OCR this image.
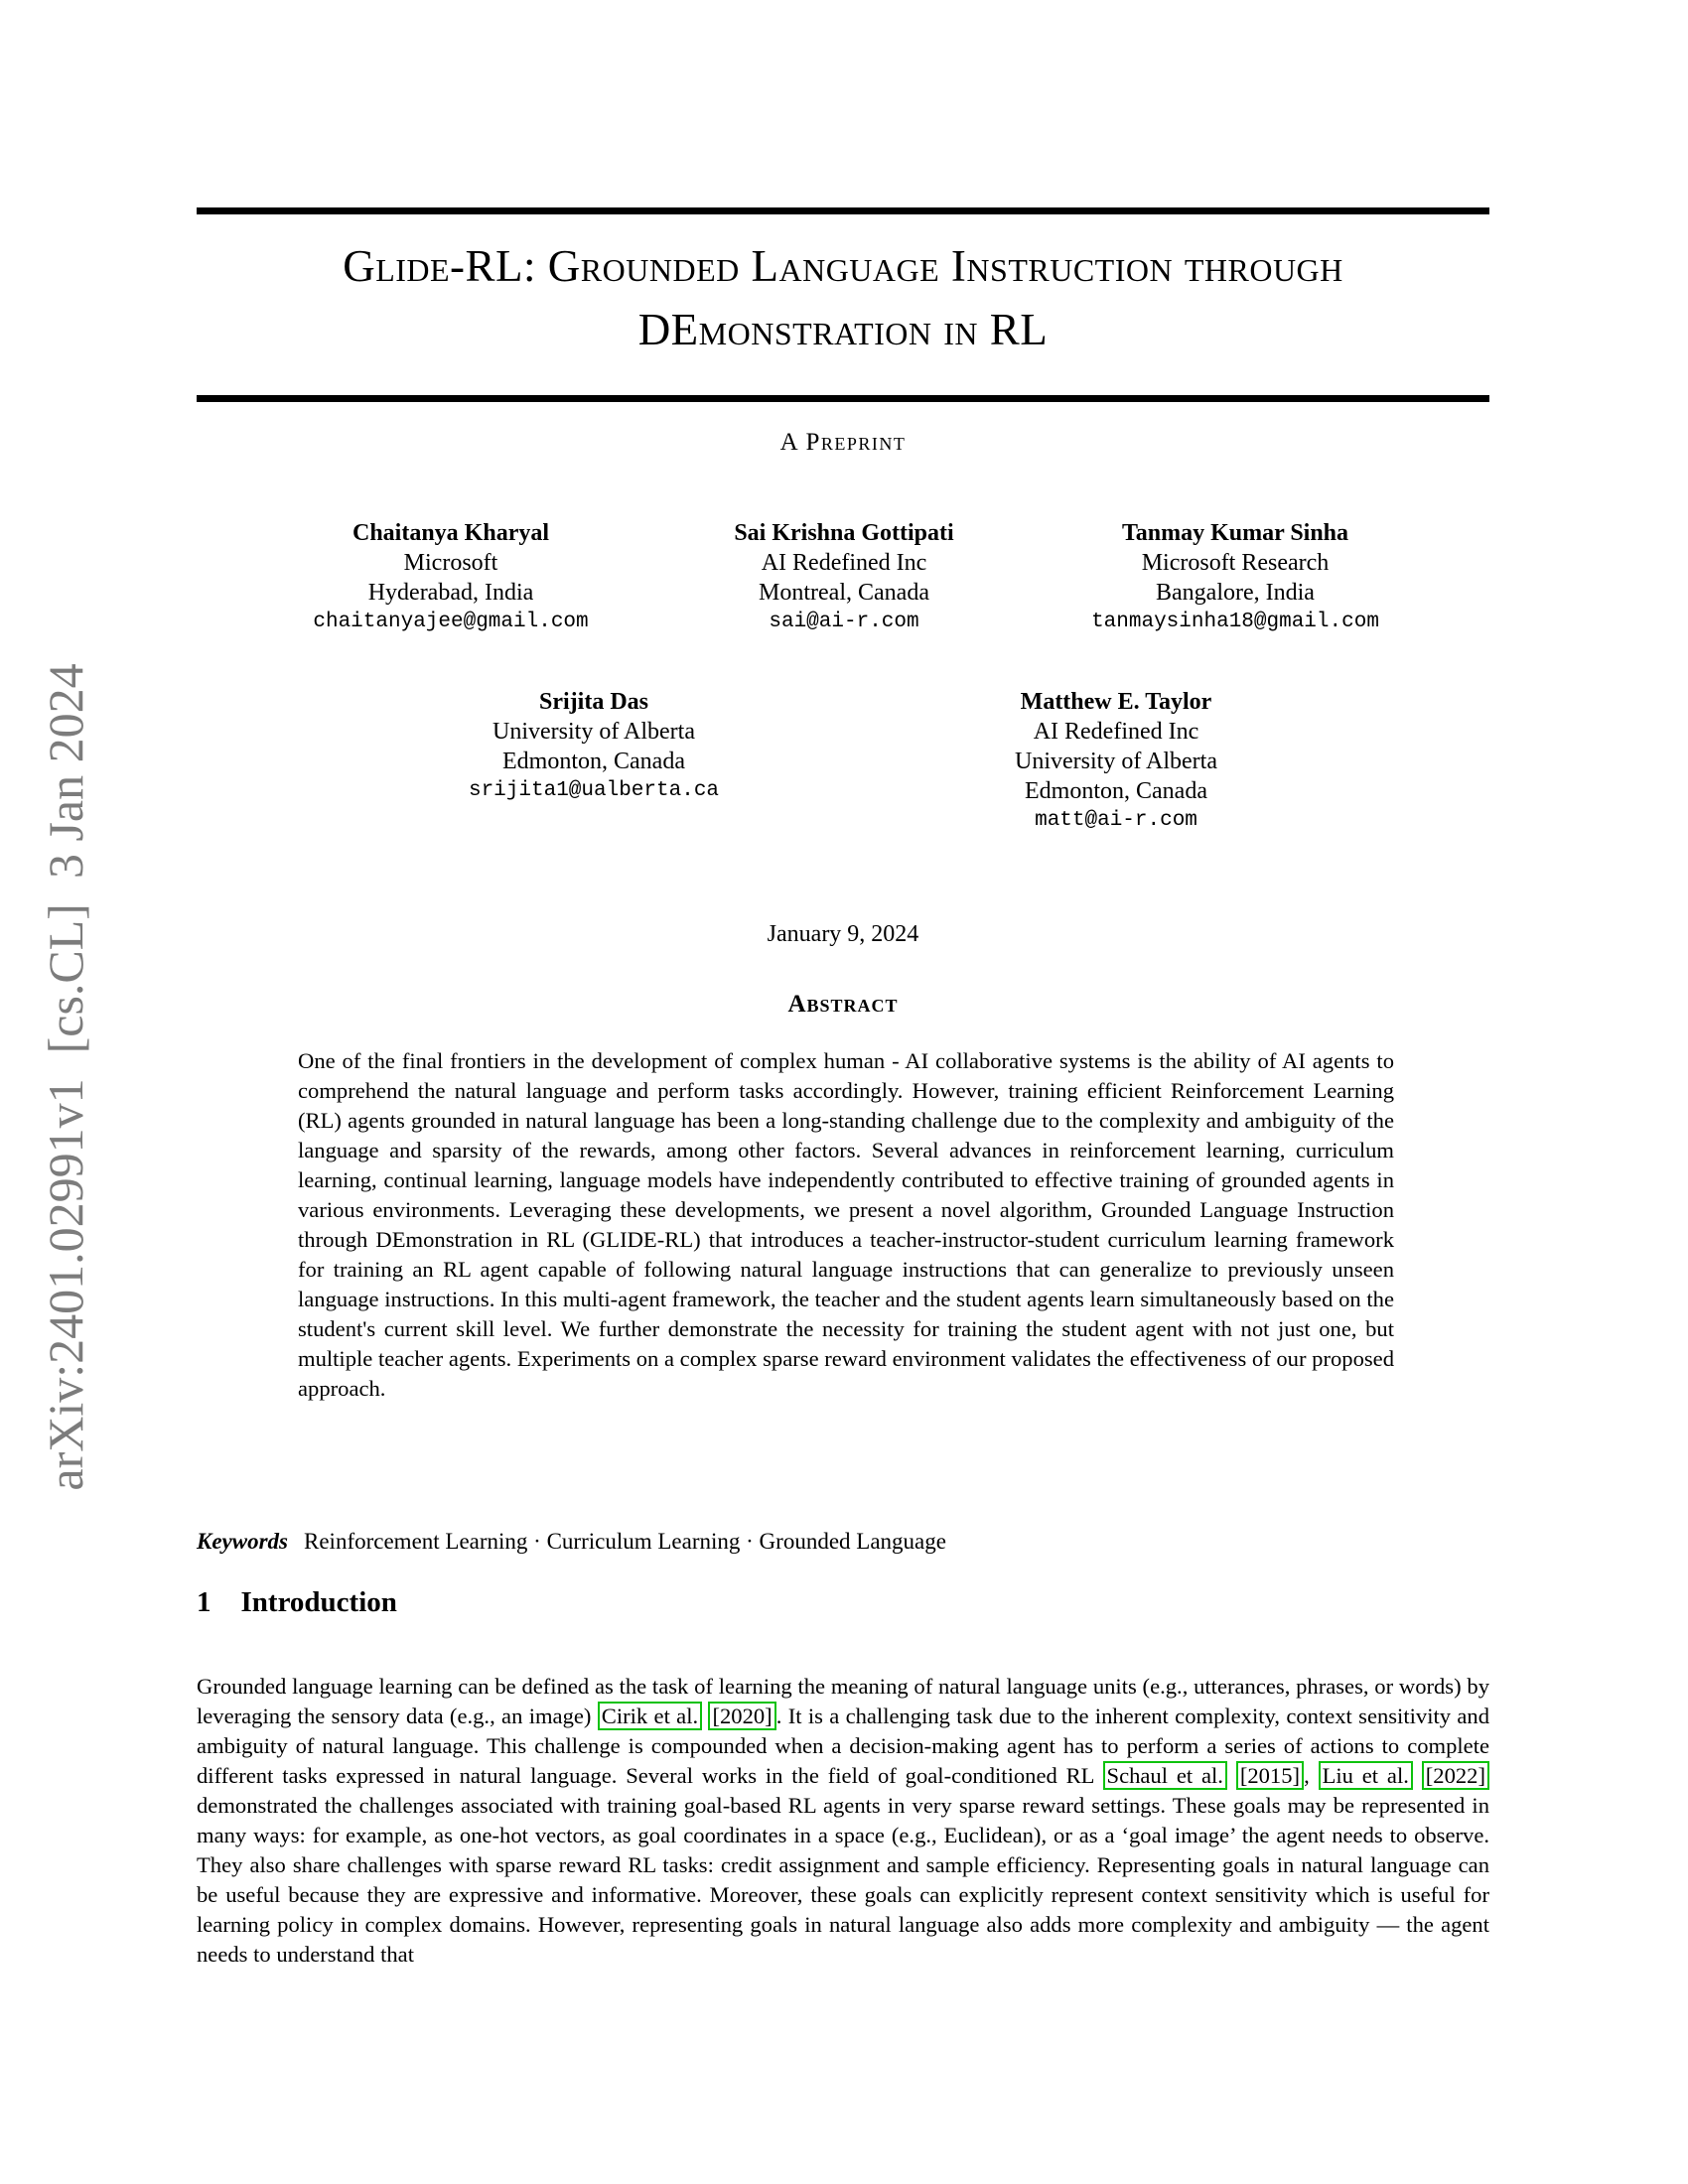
arXiv:2401.02991v1  [cs.CL]  3 Jan 2024
Glide-RL: Grounded Language Instruction through
DEmonstration in RL
A Preprint
Chaitanya Kharyal
Microsoft
Hyderabad, India
chaitanyajee@gmail.com
Sai Krishna Gottipati
AI Redefined Inc
Montreal, Canada
sai@ai-r.com
Tanmay Kumar Sinha
Microsoft Research
Bangalore, India
tanmaysinha18@gmail.com
Srijita Das
University of Alberta
Edmonton, Canada
srijita1@ualberta.ca
Matthew E. Taylor
AI Redefined Inc
University of Alberta
Edmonton, Canada
matt@ai-r.com
January 9, 2024
Abstract

One of the final frontiers in the development of complex human - AI collaborative systems is the ability of AI agents to comprehend the natural language and perform tasks accordingly. However, training efficient Reinforcement Learning (RL) agents grounded in natural language has been a long-standing challenge due to the complexity and ambiguity of the language and sparsity of the rewards, among other factors. Several advances in reinforcement learning, curriculum learning, continual learning, language models have independently contributed to effective training of grounded agents in various environments. Leveraging these developments, we present a novel algorithm, Grounded Language Instruction through DEmonstration in RL (GLIDE-RL) that introduces a teacher-instructor-student curriculum learning framework for training an RL agent capable of following natural language instructions that can generalize to previously unseen language instructions. In this multi-agent framework, the teacher and the student agents learn simultaneously based on the student's current skill level. We further demonstrate the necessity for training the student agent with not just one, but multiple teacher agents. Experiments on a complex sparse reward environment validates the effectiveness of our proposed approach.

Keywords Reinforcement Learning · Curriculum Learning · Grounded Language
1 Introduction

Grounded language learning can be defined as the task of learning the meaning of natural language units (e.g., utterances, phrases, or words) by leveraging the sensory data (e.g., an image) Cirik et al. [2020] . It is a challenging task due to the inherent complexity, context sensitivity and ambiguity of natural language. This challenge is compounded when a decision-making agent has to perform a series of actions to complete different tasks expressed in natural language. Several works in the field of goal-conditioned RL Schaul et al. [2015] , Liu et al. [2022] demonstrated the challenges associated with training goal-based RL agents in very sparse reward settings. These goals may be represented in many ways: for example, as one-hot vectors, as goal coordinates in a space (e.g., Euclidean), or as a ‘goal image’ the agent needs to observe. They also share challenges with sparse reward RL tasks: credit assignment and sample efficiency. Representing goals in natural language can be useful because they are expressive and informative. Moreover, these goals can explicitly represent context sensitivity which is useful for learning policy in complex domains. However, representing goals in natural language also adds more complexity and ambiguity — the agent needs to understand that
